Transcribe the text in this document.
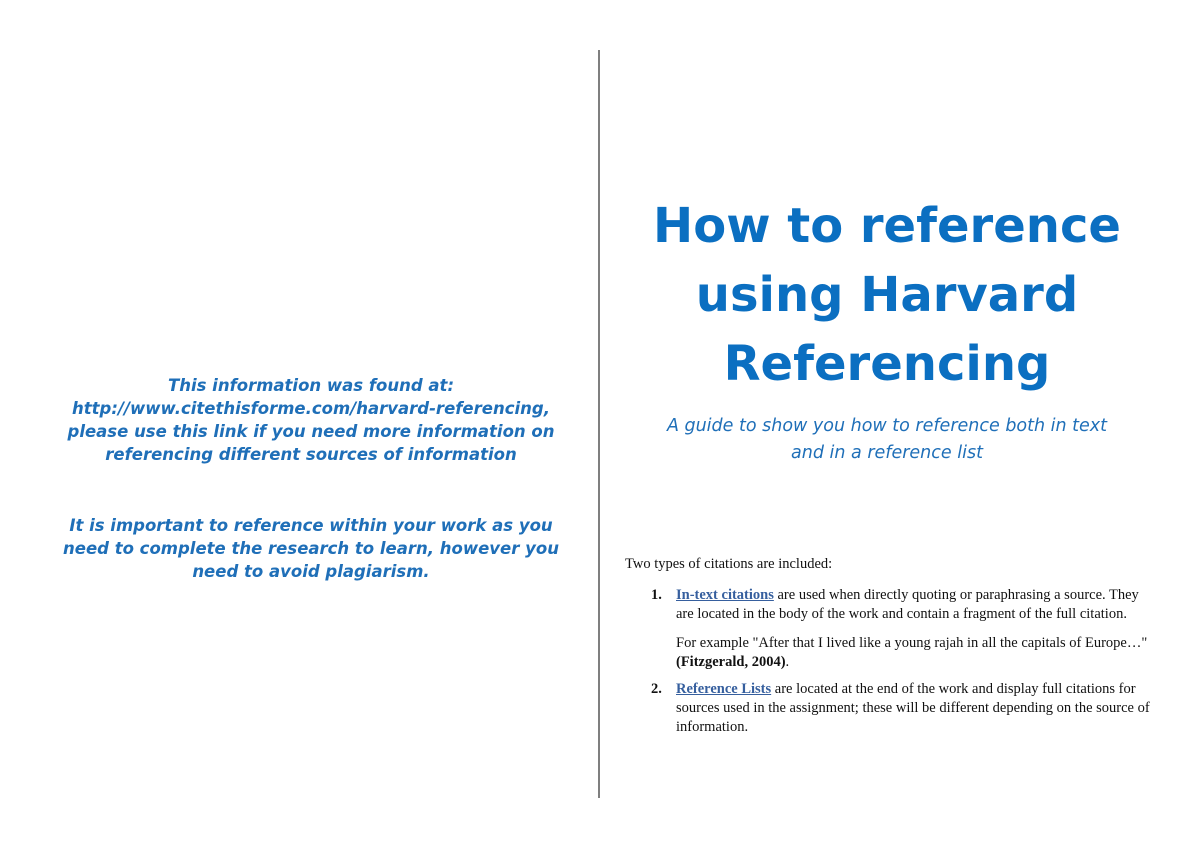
This information was found at:

http://www.citethisforme.com/harvard-referencing,

please use this link if you need more information on

referencing different sources of information

It is important to reference within your work as you

need to complete the research to learn, however you

need to avoid plagiarism.

How to reference
using Harvard
Referencing

A guide to show you how to reference both in text
and in a reference list

Two types of citations are included:

1. In-text citations are used when directly quoting or paraphrasing a source. They are located in the body of the work and contain a fragment of the full citation.

For example "After that I lived like a young rajah in all the capitals of Europe…" (Fitzgerald, 2004).

2. Reference Lists are located at the end of the work and display full citations for sources used in the assignment; these will be different depending on the source of information.
